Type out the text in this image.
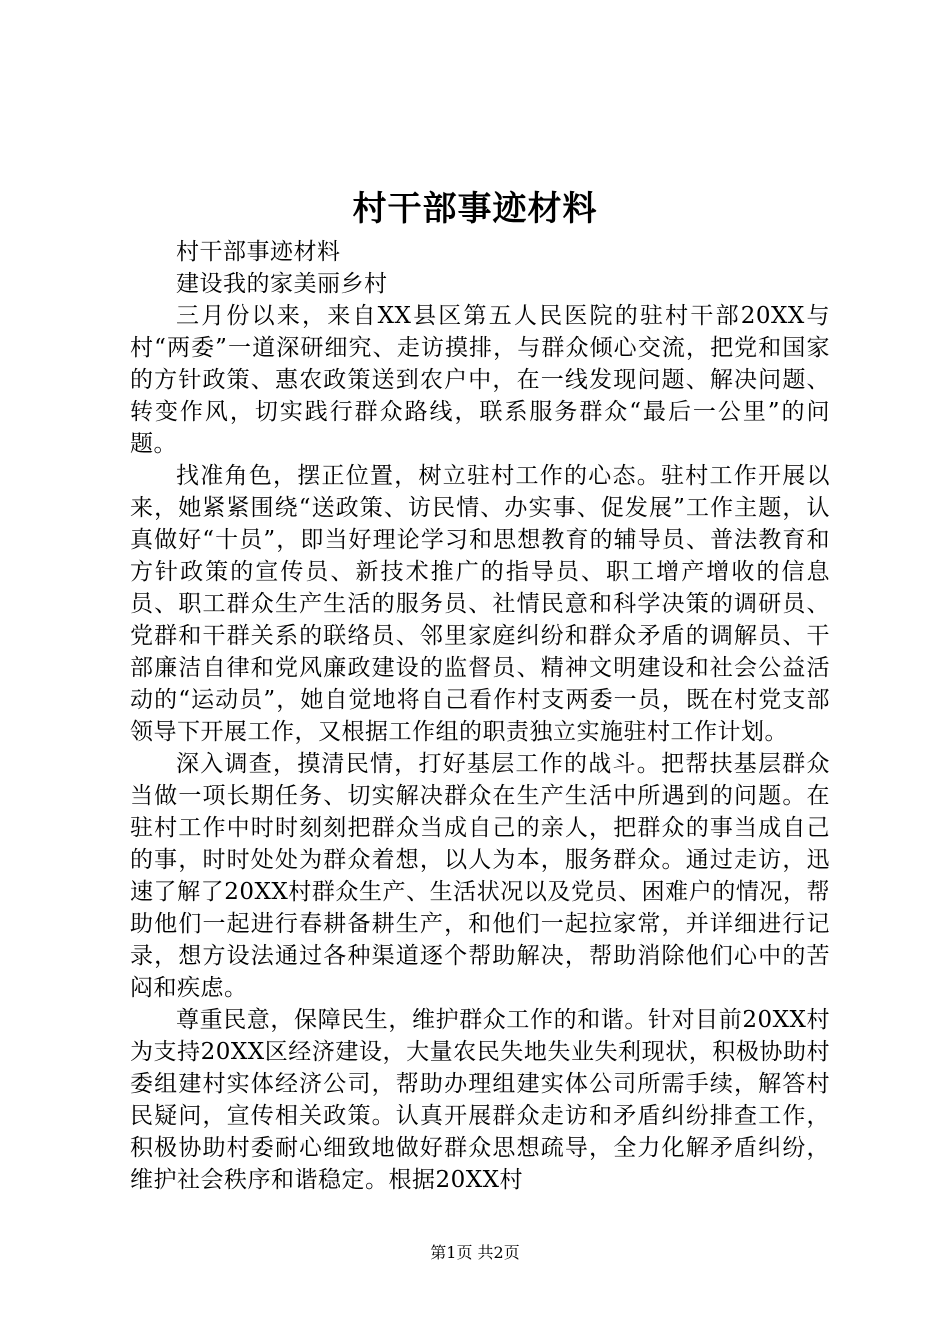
村干部事迹材料

村干部事迹材料

建设我的家美丽乡村

三月份以来，来自XX县区第五人民医院的驻村干部20XX与村“两委”一道深研细究、走访摸排，与群众倾心交流，把党和国家的方针政策、惠农政策送到农户中，在一线发现问题、解决问题、转变作风，切实践行群众路线，联系服务群众“最后一公里”的问题。

找准角色，摆正位置，树立驻村工作的心态。驻村工作开展以来，她紧紧围绕“送政策、访民情、办实事、促发展”工作主题，认真做好“十员”，即当好理论学习和思想教育的辅导员、普法教育和方针政策的宣传员、新技术推广的指导员、职工增产增收的信息员、职工群众生产生活的服务员、社情民意和科学决策的调研员、党群和干群关系的联络员、邻里家庭纠纷和群众矛盾的调解员、干部廉洁自律和党风廉政建设的监督员、精神文明建设和社会公益活动的“运动员”，她自觉地将自己看作村支两委一员，既在村党支部领导下开展工作，又根据工作组的职责独立实施驻村工作计划。

深入调查，摸清民情，打好基层工作的战斗。把帮扶基层群众当做一项长期任务、切实解决群众在生产生活中所遇到的问题。在驻村工作中时时刻刻把群众当成自己的亲人，把群众的事当成自己的事，时时处处为群众着想，以人为本，服务群众。通过走访，迅速了解了20XX村群众生产、生活状况以及党员、困难户的情况，帮助他们一起进行春耕备耕生产，和他们一起拉家常，并详细进行记录，想方设法通过各种渠道逐个帮助解决，帮助消除他们心中的苦闷和疾虑。

尊重民意，保障民生，维护群众工作的和谐。针对目前20XX村为支持20XX区经济建设，大量农民失地失业失利现状，积极协助村委组建村实体经济公司，帮助办理组建实体公司所需手续，解答村民疑问，宣传相关政策。认真开展群众走访和矛盾纠纷排查工作，积极协助村委耐心细致地做好群众思想疏导，全力化解矛盾纠纷，维护社会秩序和谐稳定。根据20XX村

第1页 共2页
